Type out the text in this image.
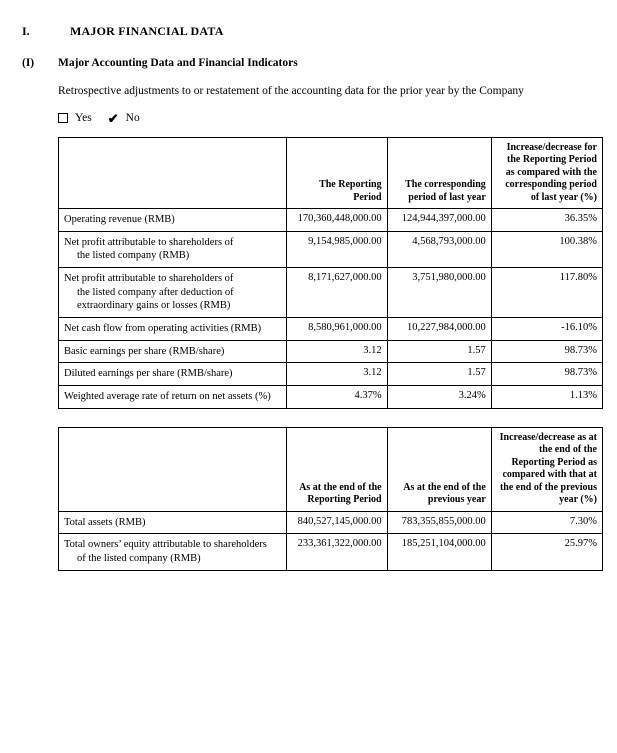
I.	MAJOR FINANCIAL DATA
(I)	Major Accounting Data and Financial Indicators
Retrospective adjustments to or restatement of the accounting data for the prior year by the Company
Yes ✔ No
	The Reporting Period	The corresponding period of last year	Increase/decrease for the Reporting Period as compared with the corresponding period of last year (%)
Operating revenue (RMB)	170,360,448,000.00	124,944,397,000.00	36.35%
Net profit attributable to shareholders of
the listed company (RMB)	9,154,985,000.00	4,568,793,000.00	100.38%
Net profit attributable to shareholders of
the listed company after deduction of
extraordinary gains or losses (RMB)	8,171,627,000.00	3,751,980,000.00	117.80%
Net cash flow from operating activities (RMB)	8,580,961,000.00	10,227,984,000.00	-16.10%
Basic earnings per share (RMB/share)	3.12	1.57	98.73%
Diluted earnings per share (RMB/share)	3.12	1.57	98.73%
Weighted average rate of return on net assets (%)	4.37%	3.24%	1.13%
	As at the end of the Reporting Period	As at the end of the previous year	Increase/decrease as at the end of the Reporting Period as compared with that at the end of the previous year (%)
Total assets (RMB)	840,527,145,000.00	783,355,855,000.00	7.30%
Total owners’ equity attributable to shareholders
of the listed company (RMB)	233,361,322,000.00	185,251,104,000.00	25.97%
